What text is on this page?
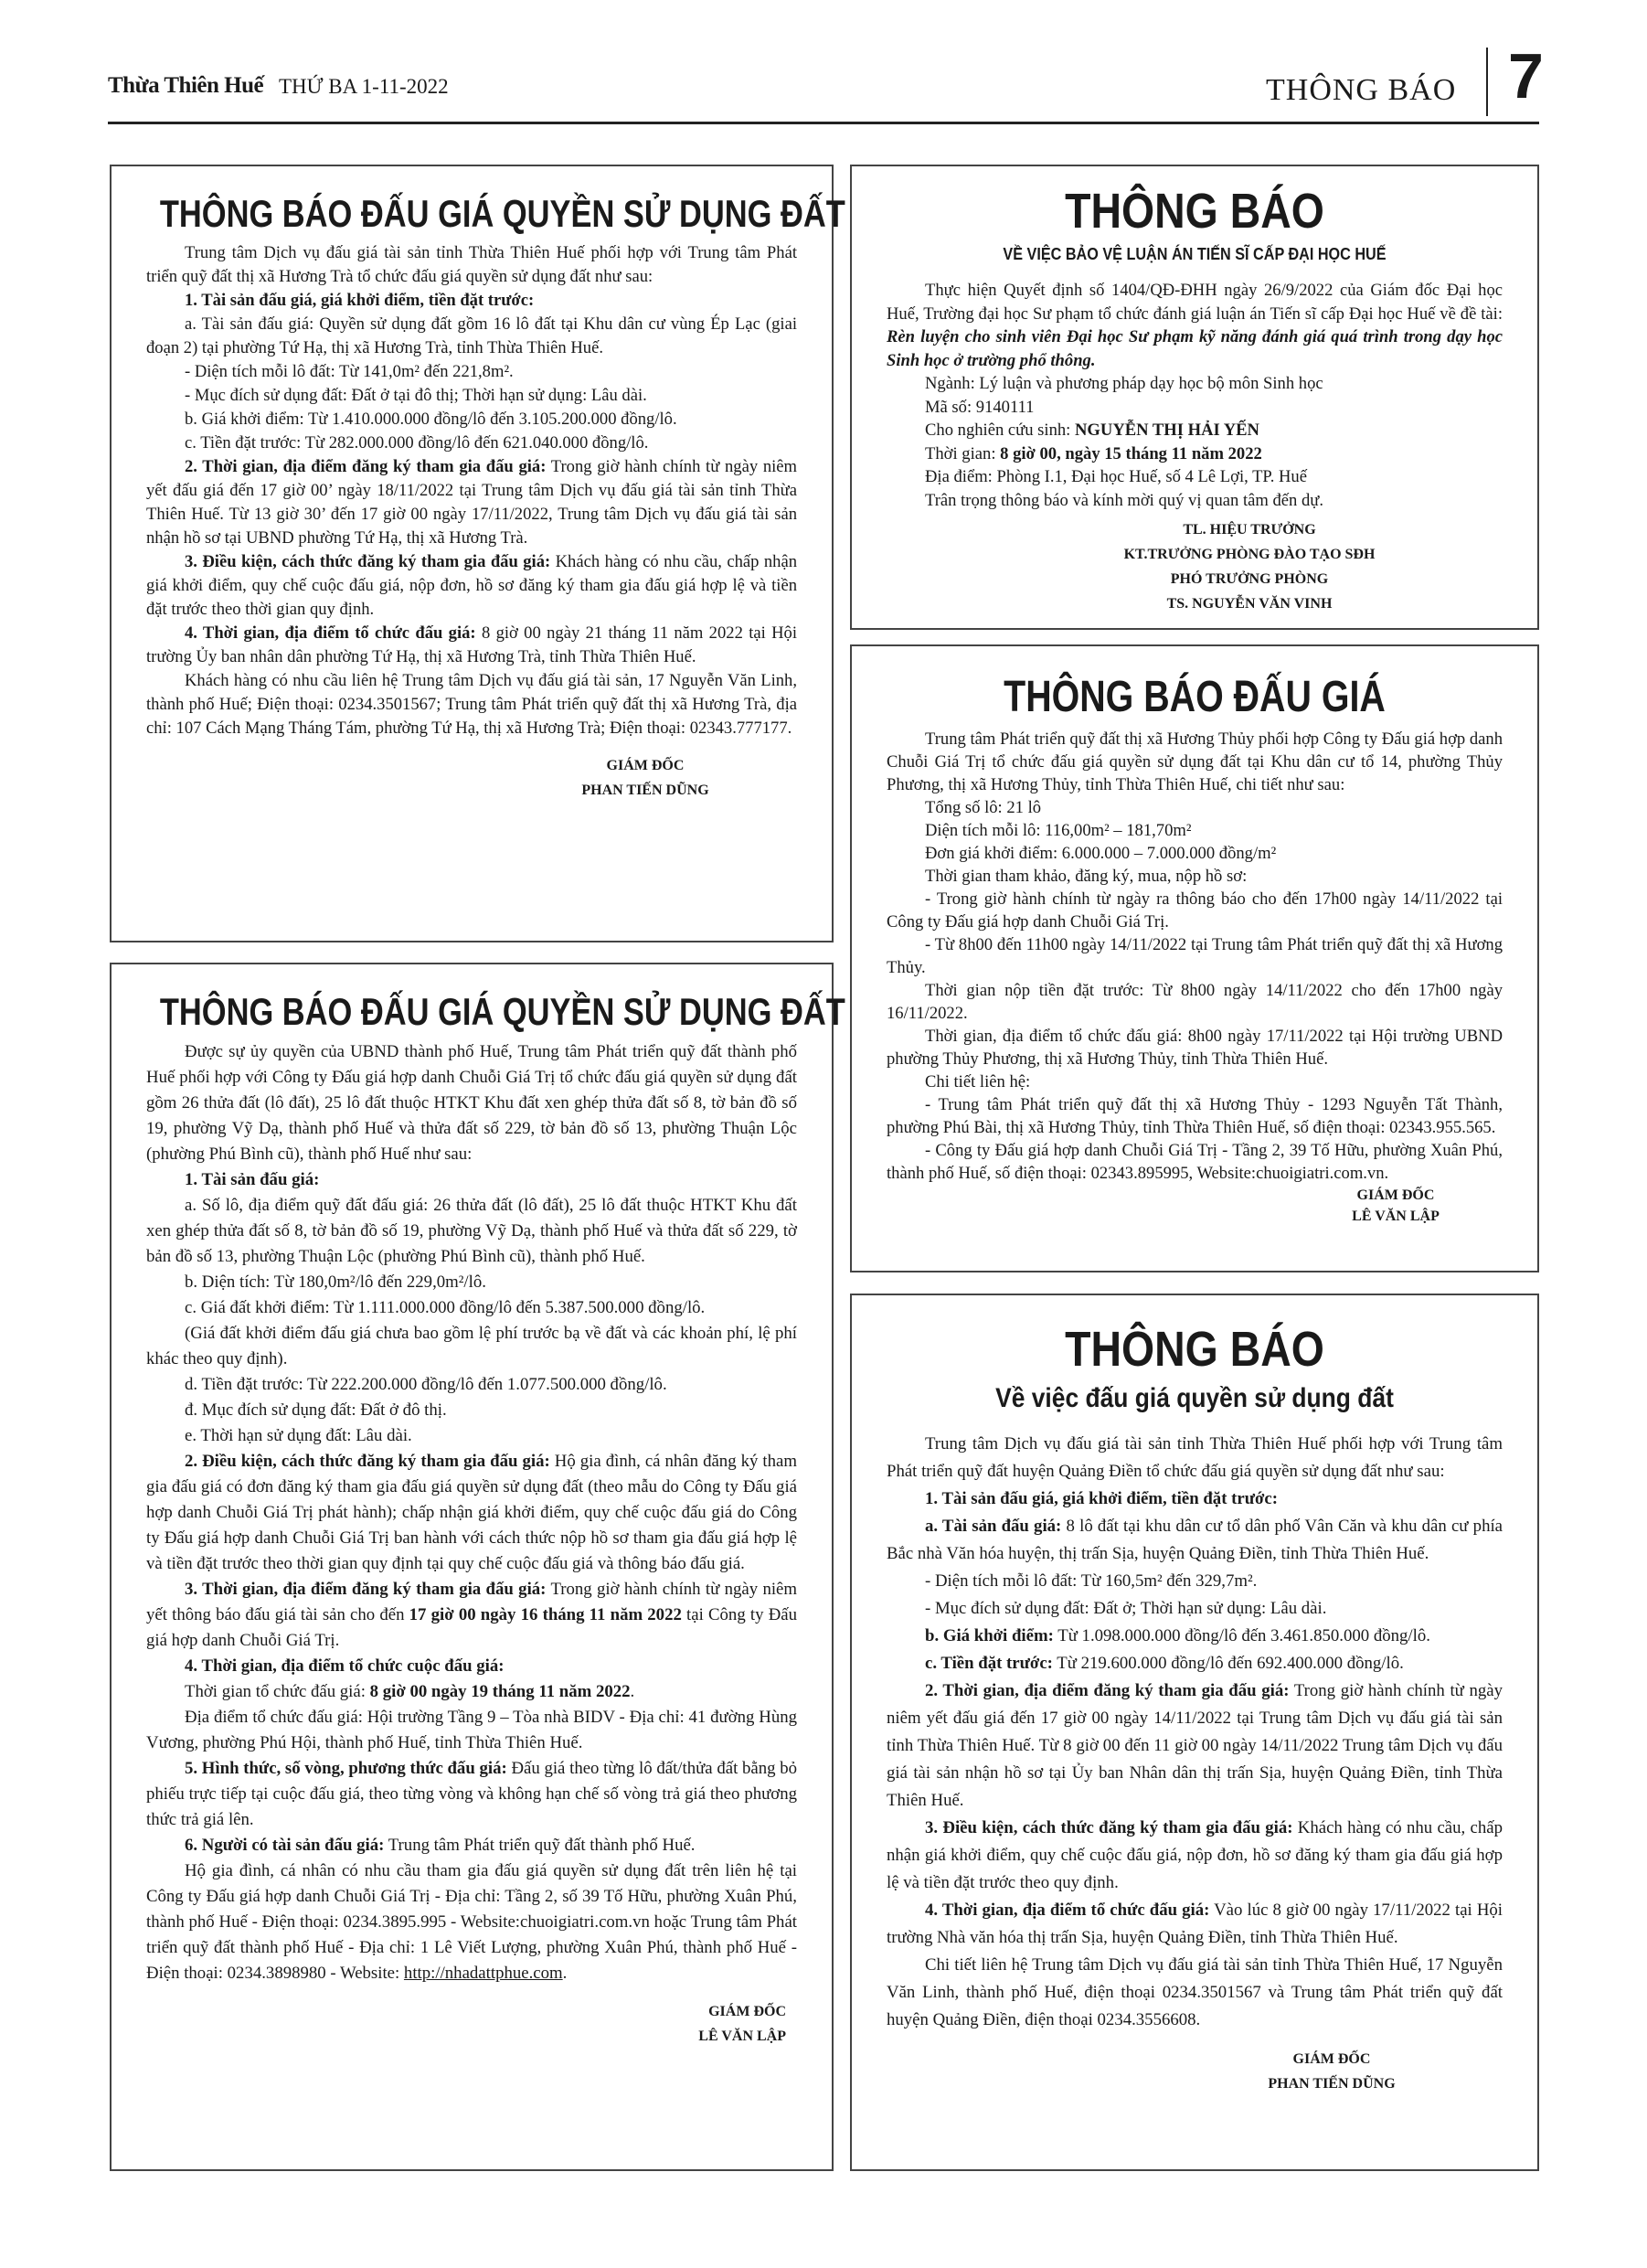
Thừa Thiên Huế THỨ BA 1-11-2022	THÔNG BÁO 7
THÔNG BÁO ĐẤU GIÁ QUYỀN SỬ DỤNG ĐẤT

Trung tâm Dịch vụ đấu giá tài sản tỉnh Thừa Thiên Huế phối hợp với Trung tâm Phát triển quỹ đất thị xã Hương Trà tổ chức đấu giá quyền sử dụng đất như sau:

1. Tài sản đấu giá, giá khởi điểm, tiền đặt trước:

a. Tài sản đấu giá: Quyền sử dụng đất gồm 16 lô đất tại Khu dân cư vùng Ép Lạc (giai đoạn 2) tại phường Tứ Hạ, thị xã Hương Trà, tỉnh Thừa Thiên Huế.

- Diện tích mỗi lô đất: Từ 141,0m² đến 221,8m².

- Mục đích sử dụng đất: Đất ở tại đô thị; Thời hạn sử dụng: Lâu dài.

b. Giá khởi điểm: Từ 1.410.000.000 đồng/lô đến 3.105.200.000 đồng/lô.

c. Tiền đặt trước: Từ 282.000.000 đồng/lô đến 621.040.000 đồng/lô.

2. Thời gian, địa điểm đăng ký tham gia đấu giá: Trong giờ hành chính từ ngày niêm yết đấu giá đến 17 giờ 00’ ngày 18/11/2022 tại Trung tâm Dịch vụ đấu giá tài sản tỉnh Thừa Thiên Huế. Từ 13 giờ 30’ đến 17 giờ 00 ngày 17/11/2022, Trung tâm Dịch vụ đấu giá tài sản nhận hồ sơ tại UBND phường Tứ Hạ, thị xã Hương Trà.

3. Điều kiện, cách thức đăng ký tham gia đấu giá: Khách hàng có nhu cầu, chấp nhận giá khởi điểm, quy chế cuộc đấu giá, nộp đơn, hồ sơ đăng ký tham gia đấu giá hợp lệ và tiền đặt trước theo thời gian quy định.

4. Thời gian, địa điểm tổ chức đấu giá: 8 giờ 00 ngày 21 tháng 11 năm 2022 tại Hội trường Ủy ban nhân dân phường Tứ Hạ, thị xã Hương Trà, tỉnh Thừa Thiên Huế.

Khách hàng có nhu cầu liên hệ Trung tâm Dịch vụ đấu giá tài sản, 17 Nguyễn Văn Linh, thành phố Huế; Điện thoại: 0234.3501567; Trung tâm Phát triển quỹ đất thị xã Hương Trà, địa chỉ: 107 Cách Mạng Tháng Tám, phường Tứ Hạ, thị xã Hương Trà; Điện thoại: 02343.777177.

GIÁM ĐỐC
PHAN TIẾN DŨNG
THÔNG BÁO ĐẤU GIÁ QUYỀN SỬ DỤNG ĐẤT

Được sự ủy quyền của UBND thành phố Huế, Trung tâm Phát triển quỹ đất thành phố Huế phối hợp với Công ty Đấu giá hợp danh Chuỗi Giá Trị tổ chức đấu giá quyền sử dụng đất gồm 26 thửa đất (lô đất), 25 lô đất thuộc HTKT Khu đất xen ghép thửa đất số 8, tờ bản đồ số 19, phường Vỹ Dạ, thành phố Huế và thửa đất số 229, tờ bản đồ số 13, phường Thuận Lộc (phường Phú Bình cũ), thành phố Huế như sau:

1. Tài sản đấu giá:

a. Số lô, địa điểm quỹ đất đấu giá: 26 thửa đất (lô đất), 25 lô đất thuộc HTKT Khu đất xen ghép thửa đất số 8, tờ bản đồ số 19, phường Vỹ Dạ, thành phố Huế và thửa đất số 229, tờ bản đồ số 13, phường Thuận Lộc (phường Phú Bình cũ), thành phố Huế.

b. Diện tích: Từ 180,0m²/lô đến 229,0m²/lô.

c. Giá đất khởi điểm: Từ 1.111.000.000 đồng/lô đến 5.387.500.000 đồng/lô.

(Giá đất khởi điểm đấu giá chưa bao gồm lệ phí trước bạ về đất và các khoản phí, lệ phí khác theo quy định).

d. Tiền đặt trước: Từ 222.200.000 đồng/lô đến 1.077.500.000 đồng/lô.

đ. Mục đích sử dụng đất: Đất ở đô thị.

e. Thời hạn sử dụng đất: Lâu dài.

2. Điều kiện, cách thức đăng ký tham gia đấu giá: Hộ gia đình, cá nhân đăng ký tham gia đấu giá có đơn đăng ký tham gia đấu giá quyền sử dụng đất (theo mẫu do Công ty Đấu giá hợp danh Chuỗi Giá Trị phát hành); chấp nhận giá khởi điểm, quy chế cuộc đấu giá do Công ty Đấu giá hợp danh Chuỗi Giá Trị ban hành với cách thức nộp hồ sơ tham gia đấu giá hợp lệ và tiền đặt trước theo thời gian quy định tại quy chế cuộc đấu giá và thông báo đấu giá.

3. Thời gian, địa điểm đăng ký tham gia đấu giá: Trong giờ hành chính từ ngày niêm yết thông báo đấu giá tài sản cho đến 17 giờ 00 ngày 16 tháng 11 năm 2022 tại Công ty Đấu giá hợp danh Chuỗi Giá Trị.

4. Thời gian, địa điểm tổ chức cuộc đấu giá:

Thời gian tổ chức đấu giá: 8 giờ 00 ngày 19 tháng 11 năm 2022.

Địa điểm tổ chức đấu giá: Hội trường Tầng 9 – Tòa nhà BIDV - Địa chỉ: 41 đường Hùng Vương, phường Phú Hội, thành phố Huế, tỉnh Thừa Thiên Huế.

5. Hình thức, số vòng, phương thức đấu giá: Đấu giá theo từng lô đất/thửa đất bằng bỏ phiếu trực tiếp tại cuộc đấu giá, theo từng vòng và không hạn chế số vòng trả giá theo phương thức trả giá lên.

6. Người có tài sản đấu giá: Trung tâm Phát triển quỹ đất thành phố Huế.

Hộ gia đình, cá nhân có nhu cầu tham gia đấu giá quyền sử dụng đất trên liên hệ tại Công ty Đấu giá hợp danh Chuỗi Giá Trị - Địa chỉ: Tầng 2, số 39 Tố Hữu, phường Xuân Phú, thành phố Huế - Điện thoại: 0234.3895.995 - Website:chuoigiatri.com.vn hoặc Trung tâm Phát triển quỹ đất thành phố Huế - Địa chỉ: 1 Lê Viết Lượng, phường Xuân Phú, thành phố Huế - Điện thoại: 0234.3898980 - Website: http://nhadattphue.com.

GIÁM ĐỐC
LÊ VĂN LẬP
THÔNG BÁO
VỀ VIỆC BẢO VỆ LUẬN ÁN TIẾN SĨ CẤP ĐẠI HỌC HUẾ

Thực hiện Quyết định số 1404/QĐ-ĐHH ngày 26/9/2022 của Giám đốc Đại học Huế, Trường đại học Sư phạm tổ chức đánh giá luận án Tiến sĩ cấp Đại học Huế về đề tài: Rèn luyện cho sinh viên Đại học Sư phạm kỹ năng đánh giá quá trình trong dạy học Sinh học ở trường phổ thông.

Ngành: Lý luận và phương pháp dạy học bộ môn Sinh học

Mã số: 9140111

Cho nghiên cứu sinh: NGUYỄN THỊ HẢI YẾN

Thời gian: 8 giờ 00, ngày 15 tháng 11 năm 2022

Địa điểm: Phòng I.1, Đại học Huế, số 4 Lê Lợi, TP. Huế

Trân trọng thông báo và kính mời quý vị quan tâm đến dự.

TL. HIỆU TRƯỞNG
KT.TRƯỞNG PHÒNG ĐÀO TẠO SĐH
PHÓ TRƯỞNG PHÒNG
TS. NGUYỄN VĂN VINH
THÔNG BÁO ĐẤU GIÁ

Trung tâm Phát triển quỹ đất thị xã Hương Thủy phối hợp Công ty Đấu giá hợp danh Chuỗi Giá Trị tổ chức đấu giá quyền sử dụng đất tại Khu dân cư tổ 14, phường Thủy Phương, thị xã Hương Thủy, tỉnh Thừa Thiên Huế, chi tiết như sau:

Tổng số lô: 21 lô

Diện tích mỗi lô: 116,00m² – 181,70m²

Đơn giá khởi điểm: 6.000.000 – 7.000.000 đồng/m²

Thời gian tham khảo, đăng ký, mua, nộp hồ sơ:

- Trong giờ hành chính từ ngày ra thông báo cho đến 17h00 ngày 14/11/2022 tại Công ty Đấu giá hợp danh Chuỗi Giá Trị.

- Từ 8h00 đến 11h00 ngày 14/11/2022 tại Trung tâm Phát triển quỹ đất thị xã Hương Thủy.

Thời gian nộp tiền đặt trước: Từ 8h00 ngày 14/11/2022 cho đến 17h00 ngày 16/11/2022.

Thời gian, địa điểm tổ chức đấu giá: 8h00 ngày 17/11/2022 tại Hội trường UBND phường Thủy Phương, thị xã Hương Thủy, tỉnh Thừa Thiên Huế.

Chi tiết liên hệ:

- Trung tâm Phát triển quỹ đất thị xã Hương Thủy - 1293 Nguyễn Tất Thành, phường Phú Bài, thị xã Hương Thủy, tỉnh Thừa Thiên Huế, số điện thoại: 02343.955.565.

- Công ty Đấu giá hợp danh Chuỗi Giá Trị - Tầng 2, 39 Tố Hữu, phường Xuân Phú, thành phố Huế, số điện thoại: 02343.895995, Website:chuoigiatri.com.vn.

GIÁM ĐỐC
LÊ VĂN LẬP
THÔNG BÁO
Về việc đấu giá quyền sử dụng đất

Trung tâm Dịch vụ đấu giá tài sản tỉnh Thừa Thiên Huế phối hợp với Trung tâm Phát triển quỹ đất huyện Quảng Điền tổ chức đấu giá quyền sử dụng đất như sau:

1. Tài sản đấu giá, giá khởi điểm, tiền đặt trước:

a. Tài sản đấu giá: 8 lô đất tại khu dân cư tổ dân phố Vân Căn và khu dân cư phía Bắc nhà Văn hóa huyện, thị trấn Sịa, huyện Quảng Điền, tỉnh Thừa Thiên Huế.

- Diện tích mỗi lô đất: Từ 160,5m² đến 329,7m².

- Mục đích sử dụng đất: Đất ở; Thời hạn sử dụng: Lâu dài.

b. Giá khởi điểm: Từ 1.098.000.000 đồng/lô đến 3.461.850.000 đồng/lô.

c. Tiền đặt trước: Từ 219.600.000 đồng/lô đến 692.400.000 đồng/lô.

2. Thời gian, địa điểm đăng ký tham gia đấu giá: Trong giờ hành chính từ ngày niêm yết đấu giá đến 17 giờ 00 ngày 14/11/2022 tại Trung tâm Dịch vụ đấu giá tài sản tỉnh Thừa Thiên Huế. Từ 8 giờ 00 đến 11 giờ 00 ngày 14/11/2022 Trung tâm Dịch vụ đấu giá tài sản nhận hồ sơ tại Ủy ban Nhân dân thị trấn Sịa, huyện Quảng Điền, tỉnh Thừa Thiên Huế.

3. Điều kiện, cách thức đăng ký tham gia đấu giá: Khách hàng có nhu cầu, chấp nhận giá khởi điểm, quy chế cuộc đấu giá, nộp đơn, hồ sơ đăng ký tham gia đấu giá hợp lệ và tiền đặt trước theo quy định.

4. Thời gian, địa điểm tổ chức đấu giá: Vào lúc 8 giờ 00 ngày 17/11/2022 tại Hội trường Nhà văn hóa thị trấn Sịa, huyện Quảng Điền, tỉnh Thừa Thiên Huế.

Chi tiết liên hệ Trung tâm Dịch vụ đấu giá tài sản tỉnh Thừa Thiên Huế, 17 Nguyễn Văn Linh, thành phố Huế, điện thoại 0234.3501567 và Trung tâm Phát triển quỹ đất huyện Quảng Điền, điện thoại 0234.3556608.

GIÁM ĐỐC
PHAN TIẾN DŨNG
